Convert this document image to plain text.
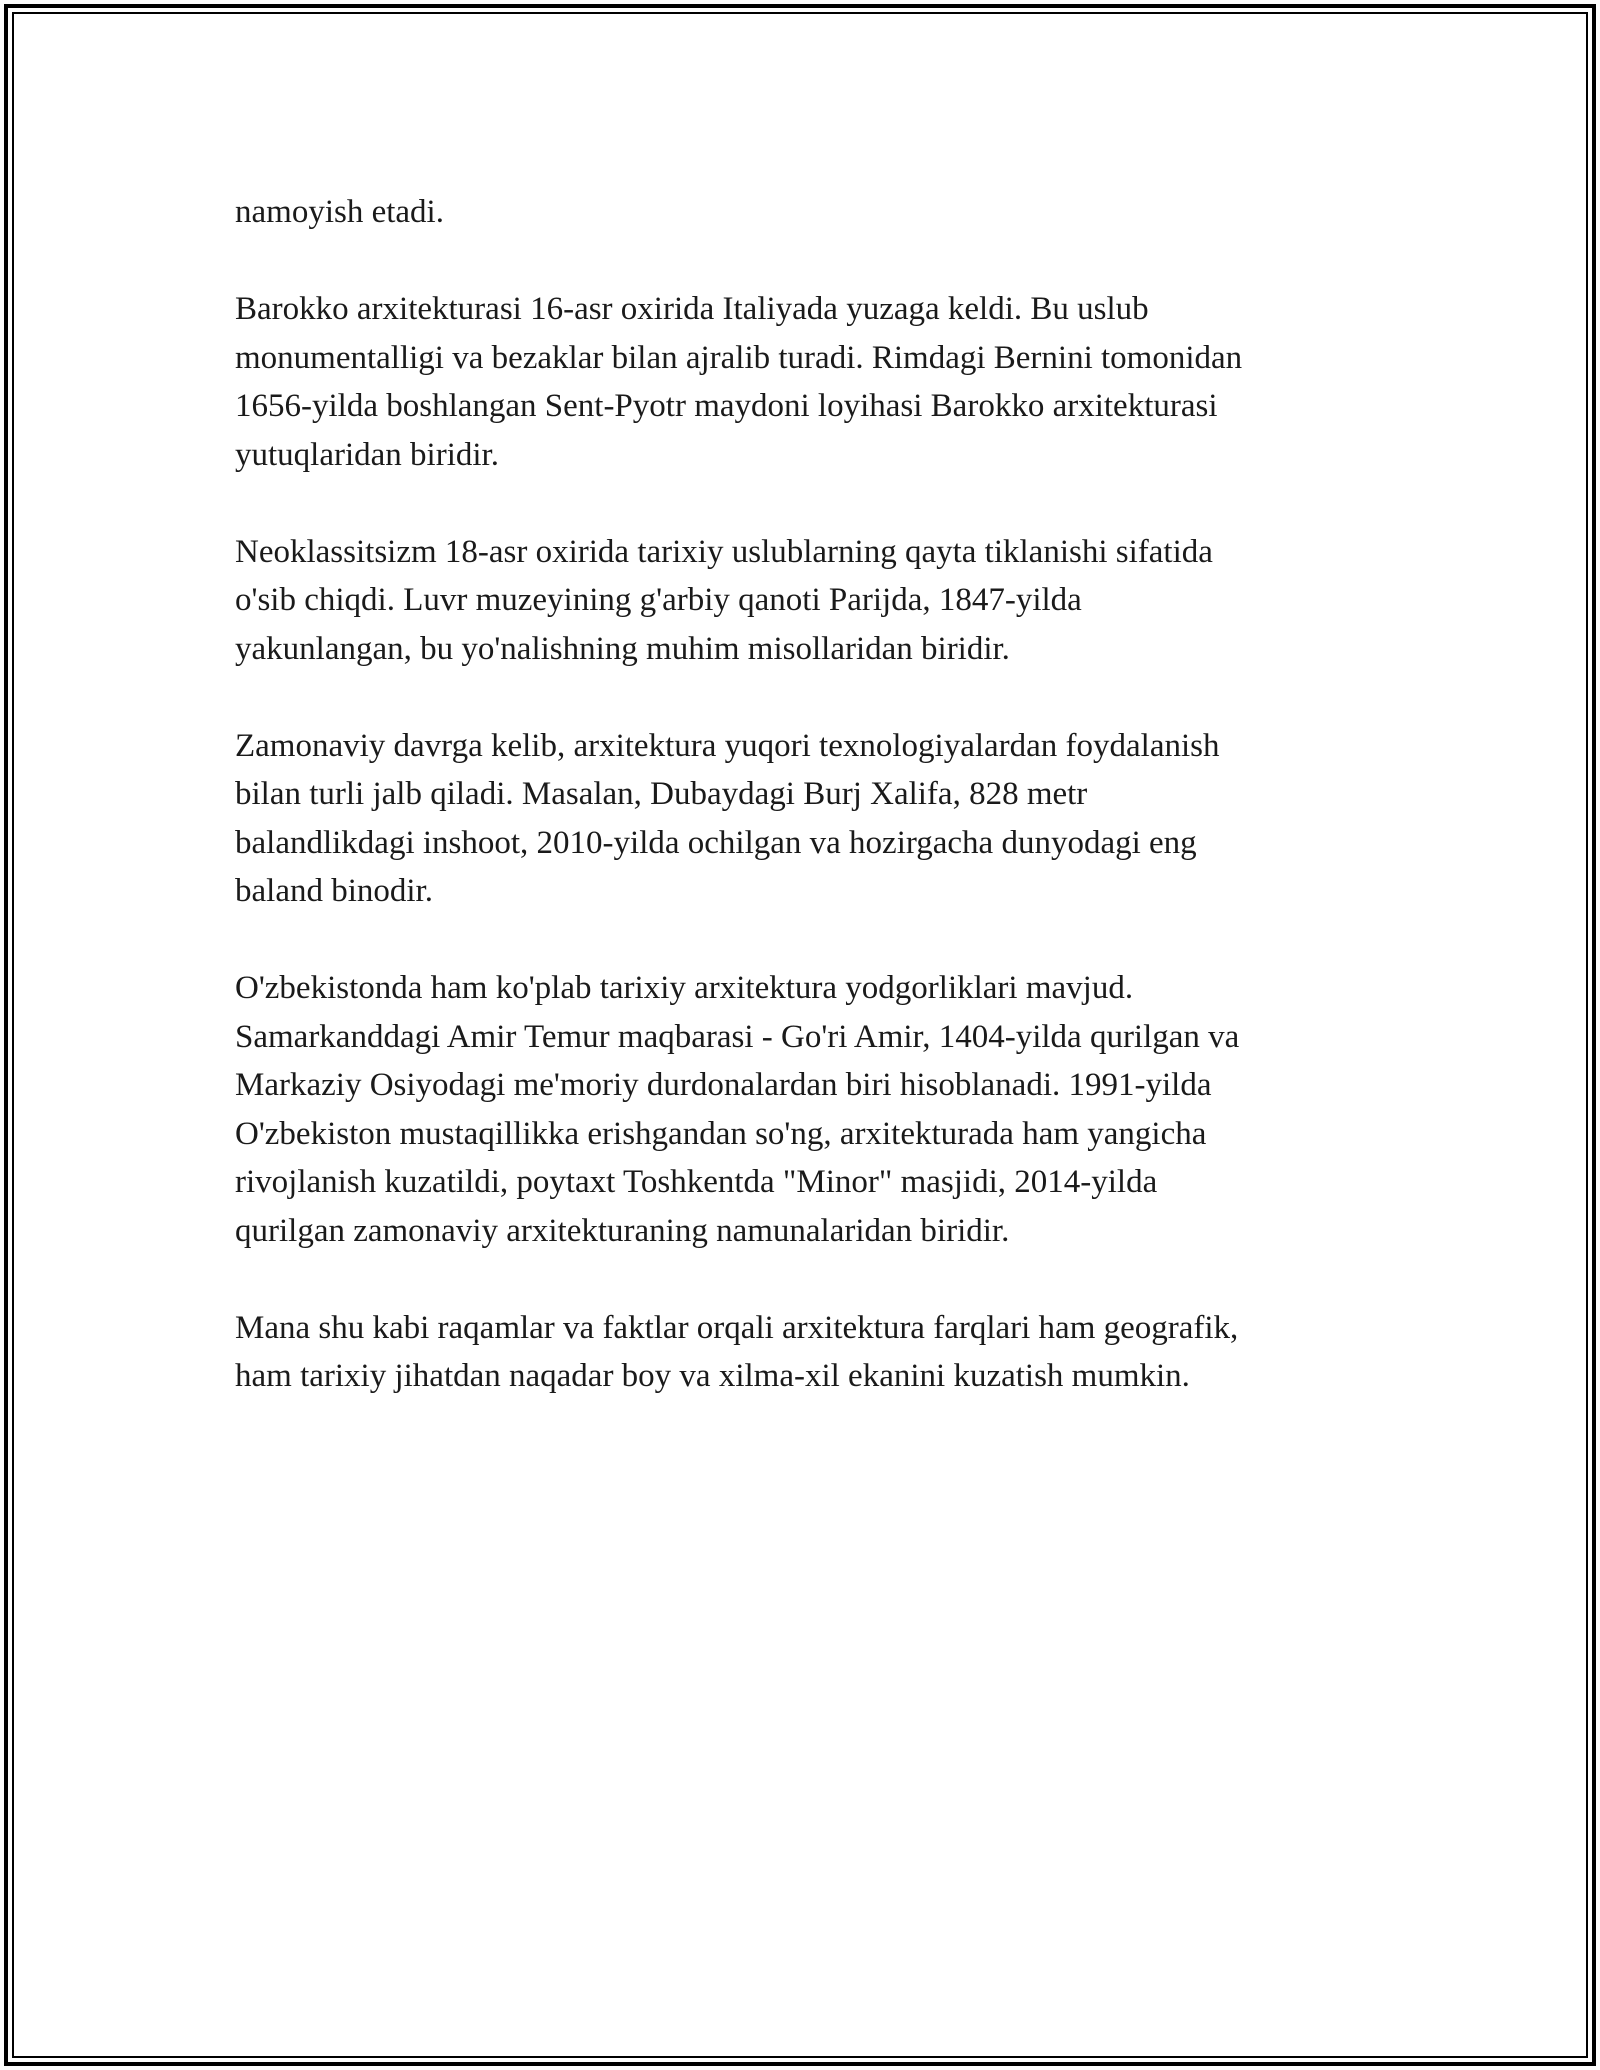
namoyish etadi.

Barokko arxitekturasi 16-asr oxirida Italiyada yuzaga keldi. Bu uslub
monumentalligi va bezaklar bilan ajralib turadi. Rimdagi Bernini tomonidan
1656-yilda boshlangan Sent-Pyotr maydoni loyihasi Barokko arxitekturasi
yutuqlaridan biridir.

Neoklassitsizm 18-asr oxirida tarixiy uslublarning qayta tiklanishi sifatida
o'sib chiqdi. Luvr muzeyining g'arbiy qanoti Parijda, 1847-yilda
yakunlangan, bu yo'nalishning muhim misollaridan biridir.

Zamonaviy davrga kelib, arxitektura yuqori texnologiyalardan foydalanish
bilan turli jalb qiladi. Masalan, Dubaydagi Burj Xalifa, 828 metr
balandlikdagi inshoot, 2010-yilda ochilgan va hozirgacha dunyodagi eng
baland binodir.

O'zbekistonda ham ko'plab tarixiy arxitektura yodgorliklari mavjud.
Samarkanddagi Amir Temur maqbarasi - Go'ri Amir, 1404-yilda qurilgan va
Markaziy Osiyodagi me'moriy durdonalardan biri hisoblanadi. 1991-yilda
O'zbekiston mustaqillikka erishgandan so'ng, arxitekturada ham yangicha
rivojlanish kuzatildi, poytaxt Toshkentda "Minor" masjidi, 2014-yilda
qurilgan zamonaviy arxitekturaning namunalaridan biridir.

Mana shu kabi raqamlar va faktlar orqali arxitektura farqlari ham geografik,
ham tarixiy jihatdan naqadar boy va xilma-xil ekanini kuzatish mumkin.
